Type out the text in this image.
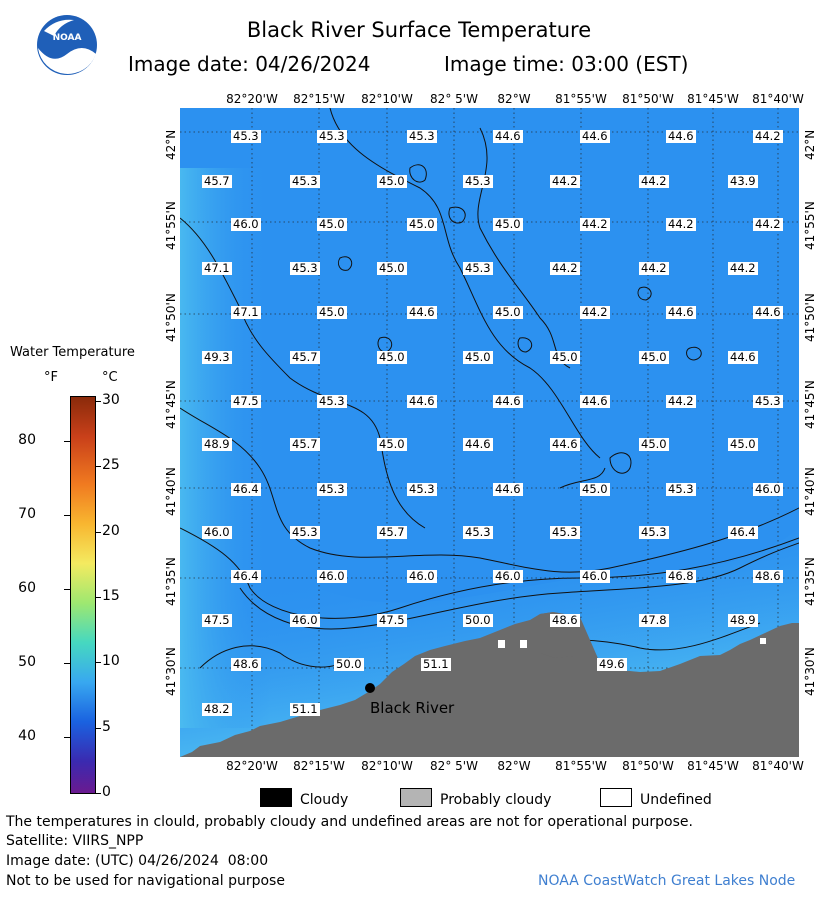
NOAA	Black River Surface Temperature
Image date: 04/26/2024	Image time: 03:00 (EST)
82°20'W	82°15'W	82°10'W	82° 5'W	82°W	81°55'W	81°50'W	81°45'W	81°40'W
82°20'W	82°15'W	82°10'W	82° 5'W	82°W	81°55'W	81°50'W	81°45'W	81°40'W
42°N
41°55'N
41°50'N
41°45'N
41°40'N
41°35'N
41°30'N
42°N
41°55'N
41°50'N
41°45'N
41°40'N
41°35'N
41°30'N
Black River
45.3	45.3	45.3	44.6	44.6	44.6	44.2
45.7	45.3	45.0	45.3	44.2	44.2	43.9
46.0	45.0	45.0	45.0	44.2	44.2	44.2
47.1	45.3	45.0	45.3	44.2	44.2	44.2
47.1	45.0	44.6	45.0	44.2	44.6	44.6
49.3	45.7	45.0	45.0	45.0	45.0	44.6
47.5	45.3	44.6	44.6	44.6	44.2	45.3
48.9	45.7	45.0	44.6	44.6	45.0	45.0
46.4	45.3	45.3	44.6	45.0	45.3	46.0
46.0	45.3	45.7	45.3	45.3	45.3	46.4
46.4	46.0	46.0	46.0	46.0	46.8	48.6
47.5	46.0	47.5	50.0	48.6	47.8	48.9
48.6	50.0	51.1	49.6
48.2	51.1
Water Temperature
°F	°C
80
70
60
50
40
30
25
20
15
10
5
0
Cloudy	Probably cloudy	Undefined
The temperatures in clould, probably cloudy and undefined areas are not for operational purpose.
Satellite: VIIRS_NPP
Image date: (UTC) 04/26/2024  08:00
Not to be used for navigational purpose	NOAA CoastWatch Great Lakes Node
